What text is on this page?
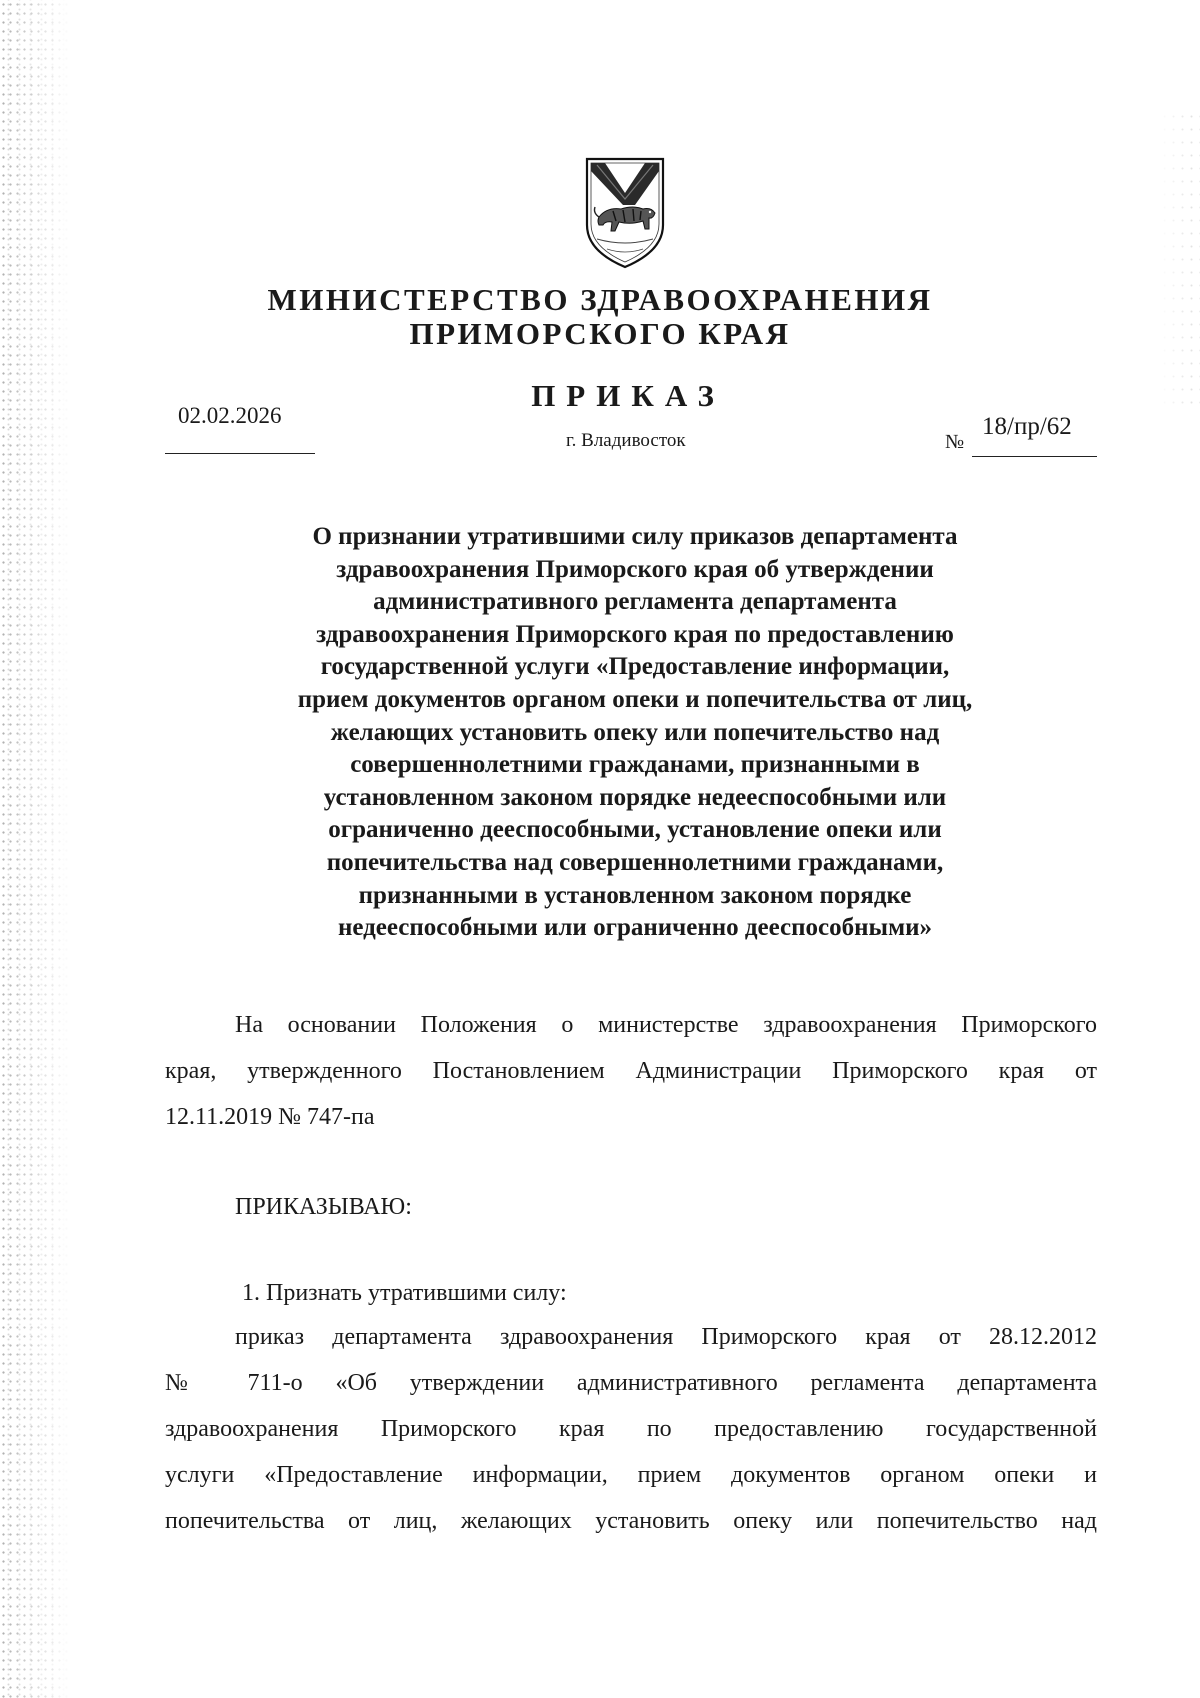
МИНИСТЕРСТВО ЗДРАВООХРАНЕНИЯ
ПРИМОРСКОГО КРАЯ
ПРИКАЗ
02.02.2026
г. Владивосток	№
18/пр/62
О признании утратившими силу приказов департамента
здравоохранения Приморского края об утверждении
административного регламента департамента
здравоохранения Приморского края по предоставлению
государственной услуги «Предоставление информации,
прием документов органом опеки и попечительства от лиц,
желающих установить опеку или попечительство над
совершеннолетними гражданами, признанными в
установленном законом порядке недееспособными или
ограниченно дееспособными, установление опеки или
попечительства над совершеннолетними гражданами,
признанными в установленном законом порядке
недееспособными или ограниченно дееспособными»
На основании Положения о министерстве здравоохранения Приморского
края, утвержденного Постановлением Администрации Приморского края от
12.11.2019 № 747-па
ПРИКАЗЫВАЮ:
1. Признать утратившими силу:
приказ департамента здравоохранения Приморского края от 28.12.2012
№ 711-о «Об утверждении административного регламента департамента
здравоохранения Приморского края по предоставлению государственной
услуги «Предоставление информации, прием документов органом опеки и
попечительства от лиц, желающих установить опеку или попечительство над
